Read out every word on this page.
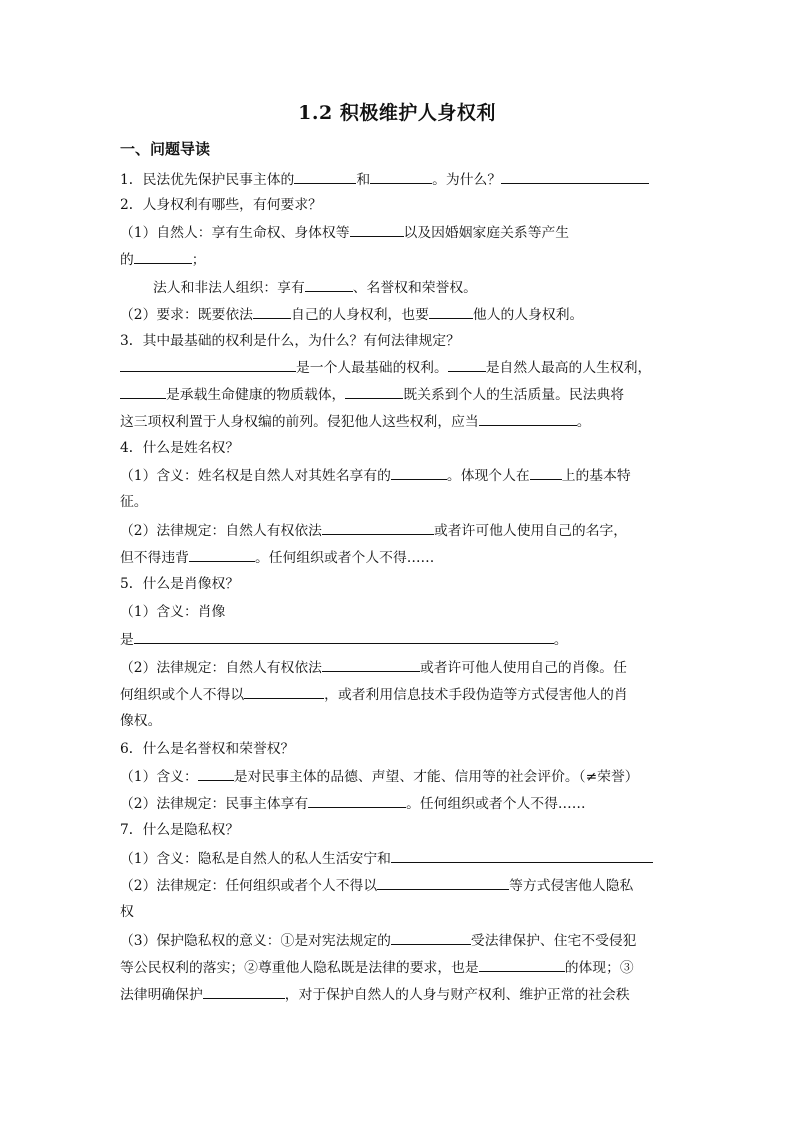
1.2 积极维护人身权利
一、问题导读
1．民法优先保护民事主体的	和	。为什么？
2．人身权利有哪些，有何要求？
（1）自然人：享有生命权、身体权等	以及因婚姻家庭关系等产生
的	；
法人和非法人组织：享有	、名誉权和荣誉权。
（2）要求：既要依法	自己的人身权利，也要	他人的人身权利。
3．其中最基础的权利是什么，为什么？有何法律规定？
是一个人最基础的权利。	是自然人最高的人生权利，
是承载生命健康的物质载体，	既关系到个人的生活质量。民法典将
这三项权利置于人身权编的前列。侵犯他人这些权利，应当	。
4．什么是姓名权？
（1）含义：姓名权是自然人对其姓名享有的	。体现个人在 上的基本特
征。
（2）法律规定：自然人有权依法	或者许可他人使用自己的名字，
但不得违背	。任何组织或者个人不得……
5．什么是肖像权？
（1）含义：肖像
是	。
（2）法律规定：自然人有权依法	或者许可他人使用自己的肖像。任
何组织或个人不得以	，或者利用信息技术手段伪造等方式侵害他人的肖
像权。
6．什么是名誉权和荣誉权？
（1）含义：	是对民事主体的品德、声望、才能、信用等的社会评价。（≠荣誉）
（2）法律规定：民事主体享有	。任何组织或者个人不得……
7．什么是隐私权？
（1）含义：隐私是自然人的私人生活安宁和
（2）法律规定：任何组织或者个人不得以	等方式侵害他人隐私
权
（3）保护隐私权的意义：①是对宪法规定的	受法律保护、住宅不受侵犯
等公民权利的落实；②尊重他人隐私既是法律的要求，也是	的体现；③
法律明确保护	，对于保护自然人的人身与财产权利、维护正常的社会秩
